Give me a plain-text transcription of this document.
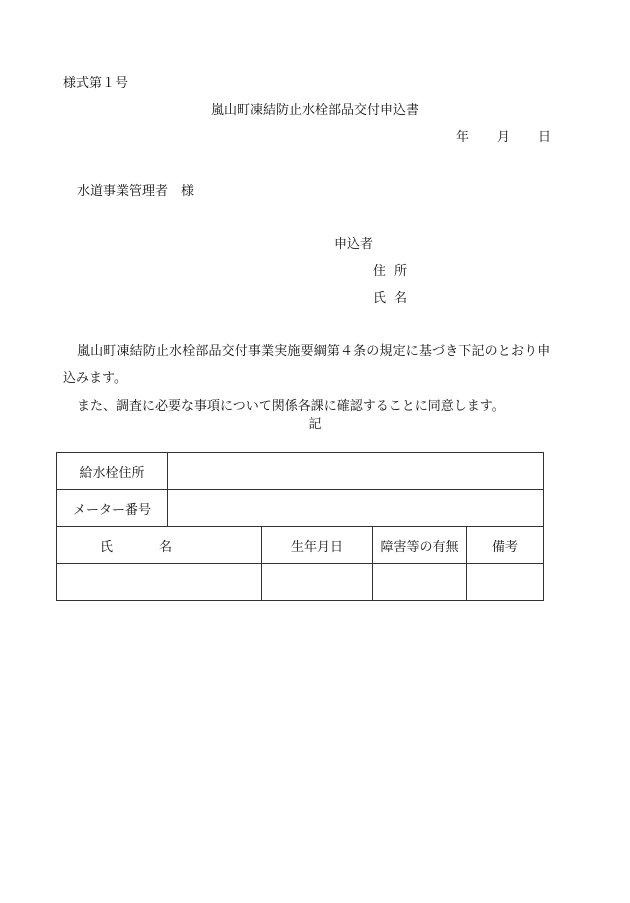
様式第１号
嵐山町凍結防止水栓部品交付申込書
年 月 日
水道事業管理者　様
申込者
住所
氏名
嵐山町凍結防止水栓部品交付事業実施要綱第４条の規定に基づき下記のとおり申
込みます。
また、調査に必要な事項について関係各課に確認することに同意します。
記
給水栓住所				
メーター番号				
氏名		生年月日	障害等の有無	備考
